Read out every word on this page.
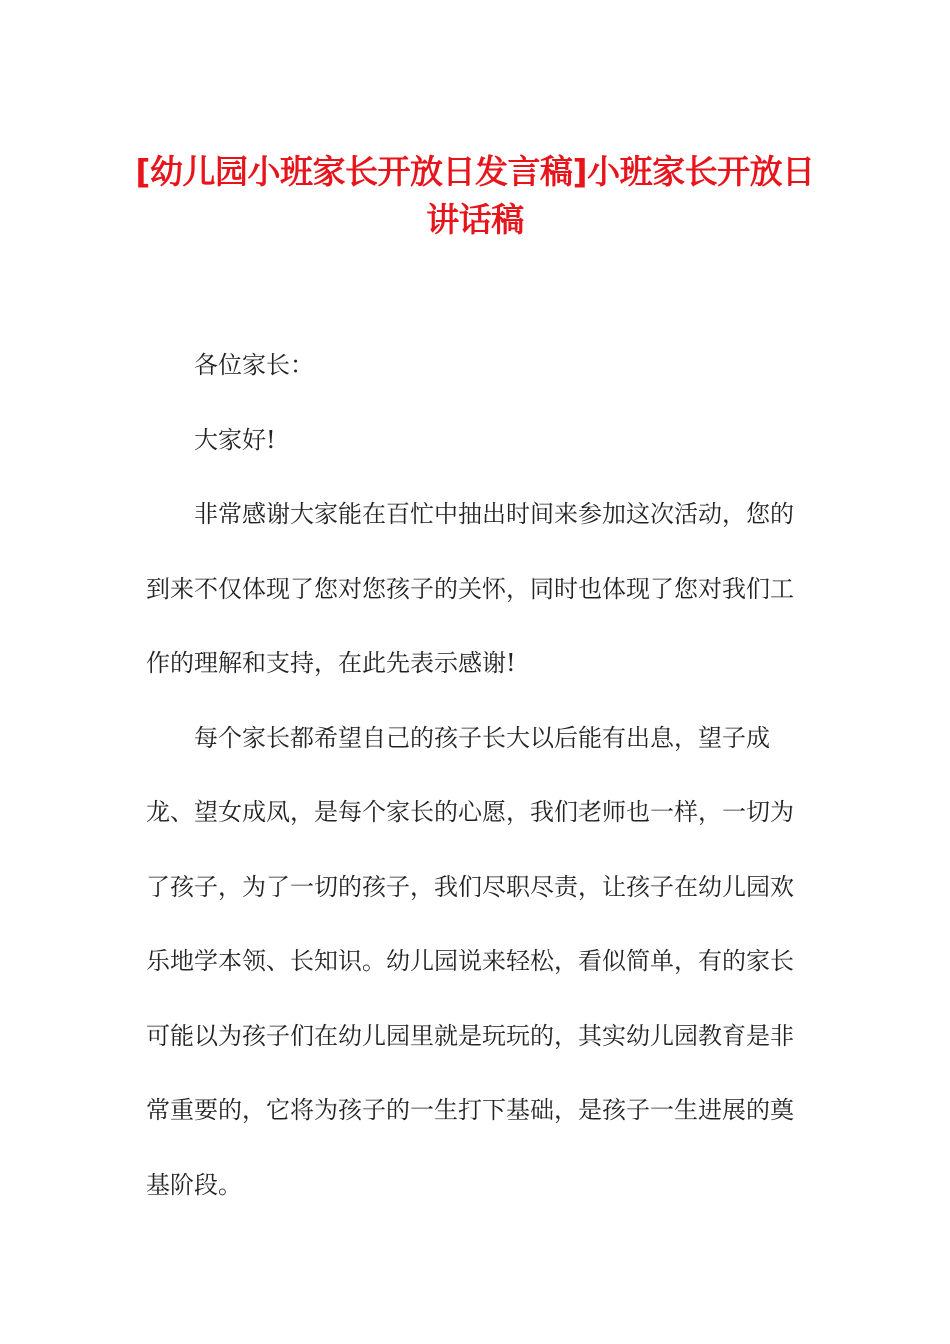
[幼儿园小班家长开放日发言稿]小班家长开放日讲话稿

各位家长：

大家好!

非常感谢大家能在百忙中抽出时间来参加这次活动，您的到来不仅体现了您对您孩子的关怀，同时也体现了您对我们工作的理解和支持，在此先表示感谢!

每个家长都希望自己的孩子长大以后能有出息，望子成龙、望女成凤，是每个家长的心愿，我们老师也一样，一切为了孩子，为了一切的孩子，我们尽职尽责，让孩子在幼儿园欢乐地学本领、长知识。幼儿园说来轻松，看似简单，有的家长可能以为孩子们在幼儿园里就是玩玩的，其实幼儿园教育是非常重要的，它将为孩子的一生打下基础，是孩子一生进展的奠基阶段。
